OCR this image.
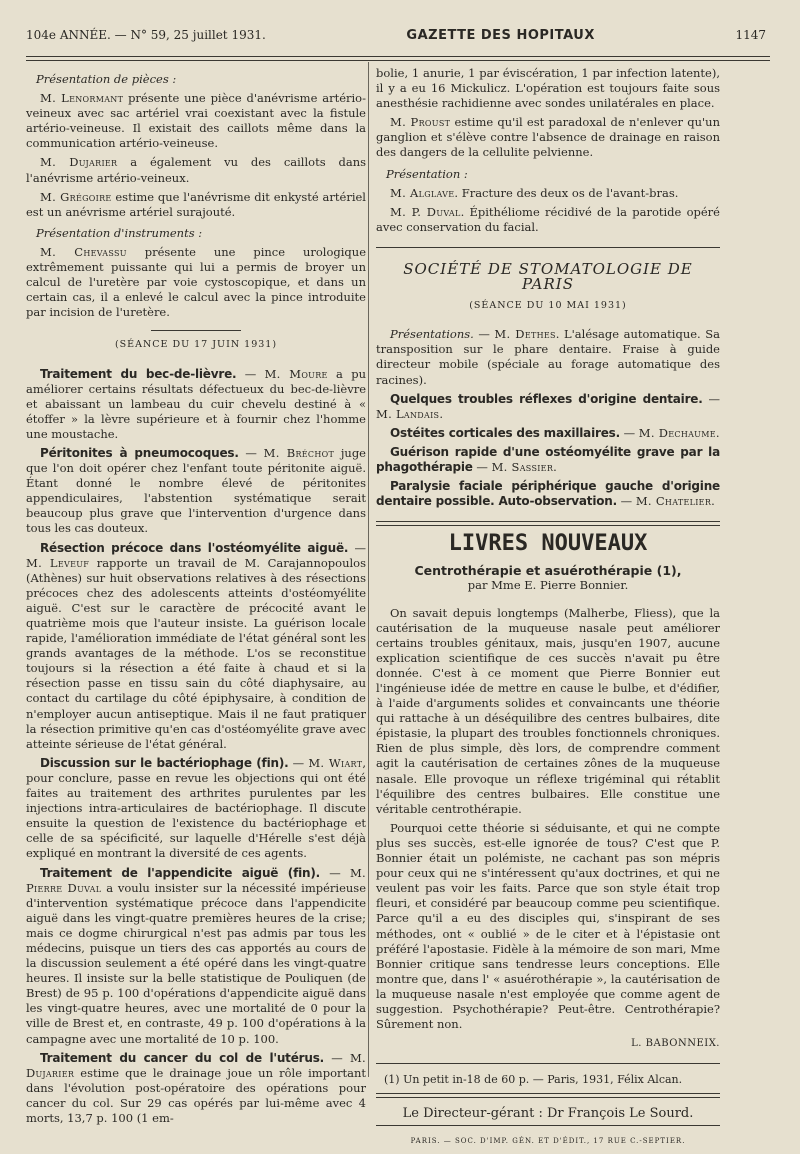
104e ANNÉE. — N° 59, 25 juillet 1931.	GAZETTE DES HOPITAUX	1147

Présentation de pièces :

M. Lenormant présente une pièce d'anévrisme artério-veineux avec sac artériel vrai coexistant avec la fistule artério-veineuse. Il existait des caillots même dans la communication artério-veineuse.

M. Dujarier a également vu des caillots dans l'anévrisme artério-veineux.

M. Grégoire estime que l'anévrisme dit enkysté artériel est un anévrisme artériel surajouté.

Présentation d'instruments :

M. Chevassu présente une pince urologique extrêmement puissante qui lui a permis de broyer un calcul de l'uretère par voie cystoscopique, et dans un certain cas, il a enlevé le calcul avec la pince introduite par incision de l'uretère.

(SÉANCE DU 17 JUIN 1931)

Traitement du bec-de-lièvre. — M. Moure a pu améliorer certains résultats défectueux du bec-de-lièvre et abaissant un lambeau du cuir chevelu destiné à « étoffer » la lèvre supérieure et à fournir chez l'homme une moustache.

Péritonites à pneumocoques. — M. Bréchot juge que l'on doit opérer chez l'enfant toute péritonite aiguë. Étant donné le nombre élevé de péritonites appendiculaires, l'abstention systématique serait beaucoup plus grave que l'intervention d'urgence dans tous les cas douteux.

Résection précoce dans l'ostéomyélite aiguë. — M. Leveuf rapporte un travail de M. Carajannopoulos (Athènes) sur huit observations relatives à des résections précoces chez des adolescents atteints d'ostéomyélite aiguë. C'est sur le caractère de précocité avant le quatrième mois que l'auteur insiste. La guérison locale rapide, l'amélioration immédiate de l'état général sont les grands avantages de la méthode. L'os se reconstitue toujours si la résection a été faite à chaud et si la résection passe en tissu sain du côté diaphysaire, au contact du cartilage du côté épiphysaire, à condition de n'employer aucun antiseptique. Mais il ne faut pratiquer la résection primitive qu'en cas d'ostéomyélite grave avec atteinte sérieuse de l'état général.

Discussion sur le bactériophage (fin). — M. Wiart, pour conclure, passe en revue les objections qui ont été faites au traitement des arthrites purulentes par les injections intra-articulaires de bactériophage. Il discute ensuite la question de l'existence du bactériophage et celle de sa spécificité, sur laquelle d'Hérelle s'est déjà expliqué en montrant la diversité de ces agents.

Traitement de l'appendicite aiguë (fin). — M. Pierre Duval a voulu insister sur la nécessité impérieuse d'intervention systématique précoce dans l'appendicite aiguë dans les vingt-quatre premières heures de la crise; mais ce dogme chirurgical n'est pas admis par tous les médecins, puisque un tiers des cas apportés au cours de la discussion seulement a été opéré dans les vingt-quatre heures. Il insiste sur la belle statistique de Pouliquen (de Brest) de 95 p. 100 d'opérations d'appendicite aiguë dans les vingt-quatre heures, avec une mortalité de 0 pour la ville de Brest et, en contraste, 49 p. 100 d'opérations à la campagne avec une mortalité de 10 p. 100.

Traitement du cancer du col de l'utérus. — M. Dujarier estime que le drainage joue un rôle important dans l'évolution post-opératoire des opérations pour cancer du col. Sur 29 cas opérés par lui-même avec 4 morts, 13,7 p. 100 (1 em-

bolie, 1 anurie, 1 par éviscération, 1 par infection latente), il y a eu 16 Mickulicz. L'opération est toujours faite sous anesthésie rachidienne avec sondes unilatérales en place.

M. Proust estime qu'il est paradoxal de n'enlever qu'un ganglion et s'élève contre l'absence de drainage en raison des dangers de la cellulite pelvienne.

Présentation :

M. Alglave. Fracture des deux os de l'avant-bras.

M. P. Duval. Épithéliome récidivé de la parotide opéré avec conservation du facial.

SOCIÉTÉ DE STOMATOLOGIE DE PARIS

(SÉANCE DU 10 MAI 1931)

Présentations. — M. Dethes. L'alésage automatique. Sa transposition sur le phare dentaire. Fraise à guide directeur mobile (spéciale au forage automatique des racines).

Quelques troubles réflexes d'origine dentaire. — M. Landais.

Ostéites corticales des maxillaires. — M. Dechaume.

Guérison rapide d'une ostéomyélite grave par la phagothérapie — M. Sassier.

Paralysie faciale périphérique gauche d'origine dentaire possible. Auto-observation. — M. Chatelier.

LIVRES NOUVEAUX

Centrothérapie et asuérothérapie (1),

par Mme E. Pierre Bonnier.

On savait depuis longtemps (Malherbe, Fliess), que la cautérisation de la muqueuse nasale peut améliorer certains troubles génitaux, mais, jusqu'en 1907, aucune explication scientifique de ces succès n'avait pu être donnée. C'est à ce moment que Pierre Bonnier eut l'ingénieuse idée de mettre en cause le bulbe, et d'édifier, à l'aide d'arguments solides et convaincants une théorie qui rattache à un déséquilibre des centres bulbaires, dite épistasie, la plupart des troubles fonctionnels chroniques. Rien de plus simple, dès lors, de comprendre comment agit la cautérisation de certaines zônes de la muqueuse nasale. Elle provoque un réflexe trigéminal qui rétablit l'équilibre des centres bulbaires. Elle constitue une véritable centrothérapie.

Pourquoi cette théorie si séduisante, et qui ne compte plus ses succès, est-elle ignorée de tous? C'est que P. Bonnier était un polémiste, ne cachant pas son mépris pour ceux qui ne s'intéressent qu'aux doctrines, et qui ne veulent pas voir les faits. Parce que son style était trop fleuri, et considéré par beaucoup comme peu scientifique. Parce qu'il a eu des disciples qui, s'inspirant de ses méthodes, ont « oublié » de le citer et à l'épistasie ont préféré l'apostasie. Fidèle à la mémoire de son mari, Mme Bonnier critique sans tendresse leurs conceptions. Elle montre que, dans l' « asuérothérapie », la cautérisation de la muqueuse nasale n'est employée que comme agent de suggestion. Psychothérapie? Peut-être. Centrothérapie? Sûrement non.

L. BABONNEIX.

(1) Un petit in-18 de 60 p. — Paris, 1931, Félix Alcan.

Le Directeur-gérant : Dr François Le Sourd.

PARIS. — SOC. D'IMP. GÉN. ET D'ÉDIT., 17 RUE C.-SEPTIER.
